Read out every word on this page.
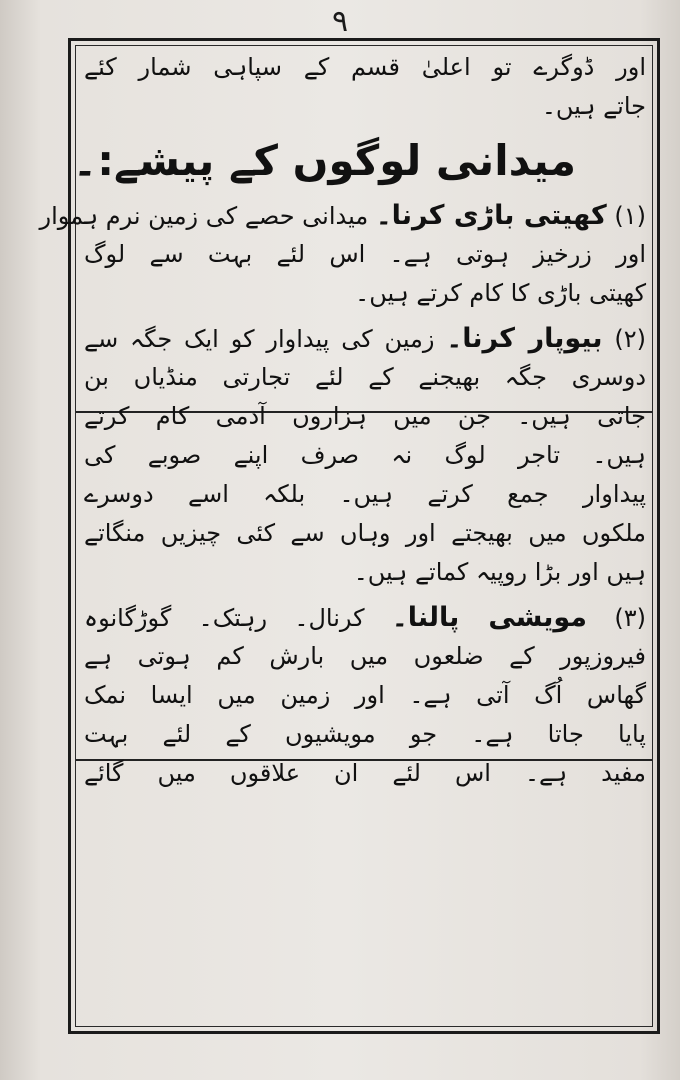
۹
اور ڈوگرے تو اعلیٰ قسم کے سپاہی شمار کئے
جاتے ہیں۔
میدانی لوگوں کے پیشے:۔
(۱) کھیتی باڑی کرنا۔ میدانی حصے کی زمین نرم ہموار
اور زرخیز ہوتی ہے۔ اس لئے بہت سے لوگ
کھیتی باڑی کا کام کرتے ہیں۔
(۲) بیوپار کرنا۔ زمین کی پیداوار کو ایک جگہ سے
دوسری جگہ بھیجنے کے لئے تجارتی منڈیاں بن
جاتی ہیں۔ جن میں ہزاروں آدمی کام کرتے
ہیں۔ تاجر لوگ نہ صرف اپنے صوبے کی
پیداوار جمع کرتے ہیں۔ بلکہ اسے دوسرے
ملکوں میں بھیجتے اور وہاں سے کئی چیزیں منگاتے
ہیں اور بڑا روپیہ کماتے ہیں۔
(۳) مویشی پالنا۔ کرنال۔ رہتک۔ گوڑگانوہ
فیروزپور کے ضلعوں میں بارش کم ہوتی ہے
گھاس اُگ آتی ہے۔ اور زمین میں ایسا نمک
پایا جاتا ہے۔ جو مویشیوں کے لئے بہت
مفید ہے۔ اس لئے ان علاقوں میں گائے
